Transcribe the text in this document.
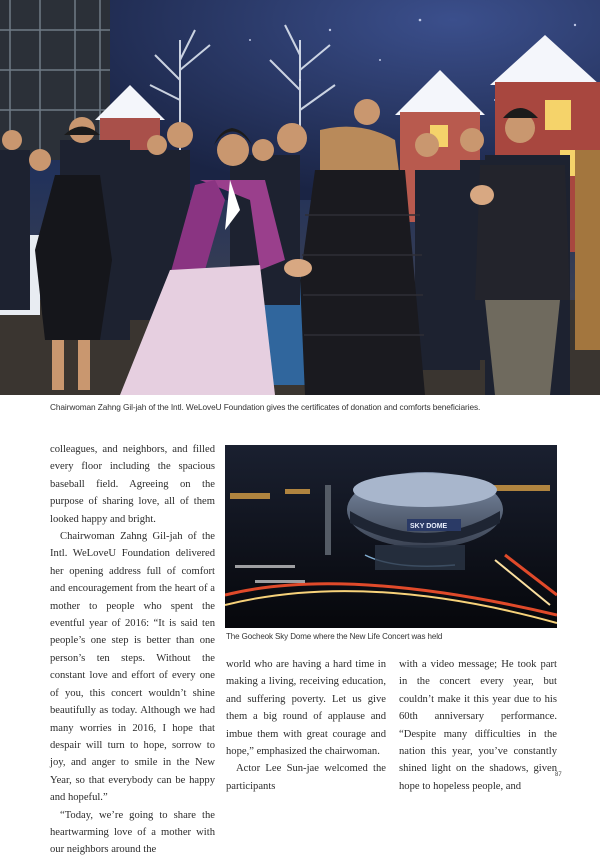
Chairwoman Zahng Gil-jah of the Intl. WeLoveU Foundation gives the certificates of donation and comforts beneficiaries.

colleagues, and neighbors, and filled every floor including the spacious baseball field. Agreeing on the purpose of sharing love, all of them looked happy and bright.

Chairwoman Zahng Gil-jah of the Intl. WeLoveU Foundation delivered her opening address full of comfort and encouragement from the heart of a mother to people who spent the eventful year of 2016: “It is said ten people’s one step is better than one person’s ten steps. Without the constant love and effort of every one of you, this concert wouldn’t shine beautifully as today. Although we had many worries in 2016, I hope that despair will turn to hope, sorrow to joy, and anger to smile in the New Year, so that everybody can be happy and hopeful.”

“Today, we’re going to share the heartwarming love of a mother with our neighbors around the

SKY DOME
The Gocheok Sky Dome where the New Life Concert was held

world who are having a hard time in making a living, receiving education, and suffering poverty. Let us give them a big round of applause and imbue them with great courage and hope,” emphasized the chairwoman.

Actor Lee Sun-jae welcomed the participants

with a video message; He took part in the concert every year, but couldn’t make it this year due to his 60th anniversary performance. “Despite many difficulties in the nation this year, you’ve constantly shined light on the shadows, given hope to hopeless people, and

87
